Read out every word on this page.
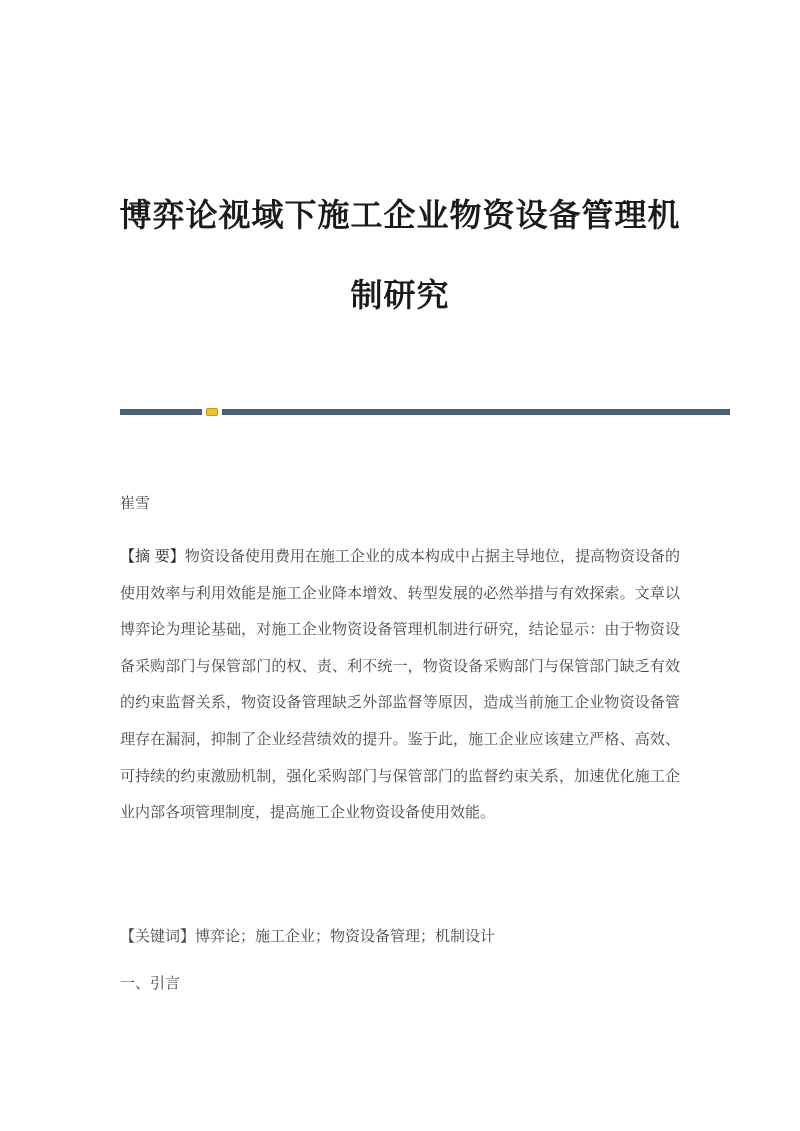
博弈论视域下施工企业物资设备管理机
制研究
崔雪

【摘 要】物资设备使用费用在施工企业的成本构成中占据主导地位，提高物资设备的使用效率与利用效能是施工企业降本增效、转型发展的必然举措与有效探索。文章以博弈论为理论基础，对施工企业物资设备管理机制进行研究，结论显示：由于物资设备采购部门与保管部门的权、责、利不统一，物资设备采购部门与保管部门缺乏有效的约束监督关系，物资设备管理缺乏外部监督等原因，造成当前施工企业物资设备管理存在漏洞，抑制了企业经营绩效的提升。鉴于此，施工企业应该建立严格、高效、可持续的约束激励机制，强化采购部门与保管部门的监督约束关系，加速优化施工企业内部各项管理制度，提高施工企业物资设备使用效能。

【关键词】博弈论；施工企业；物资设备管理；机制设计

一、引言
